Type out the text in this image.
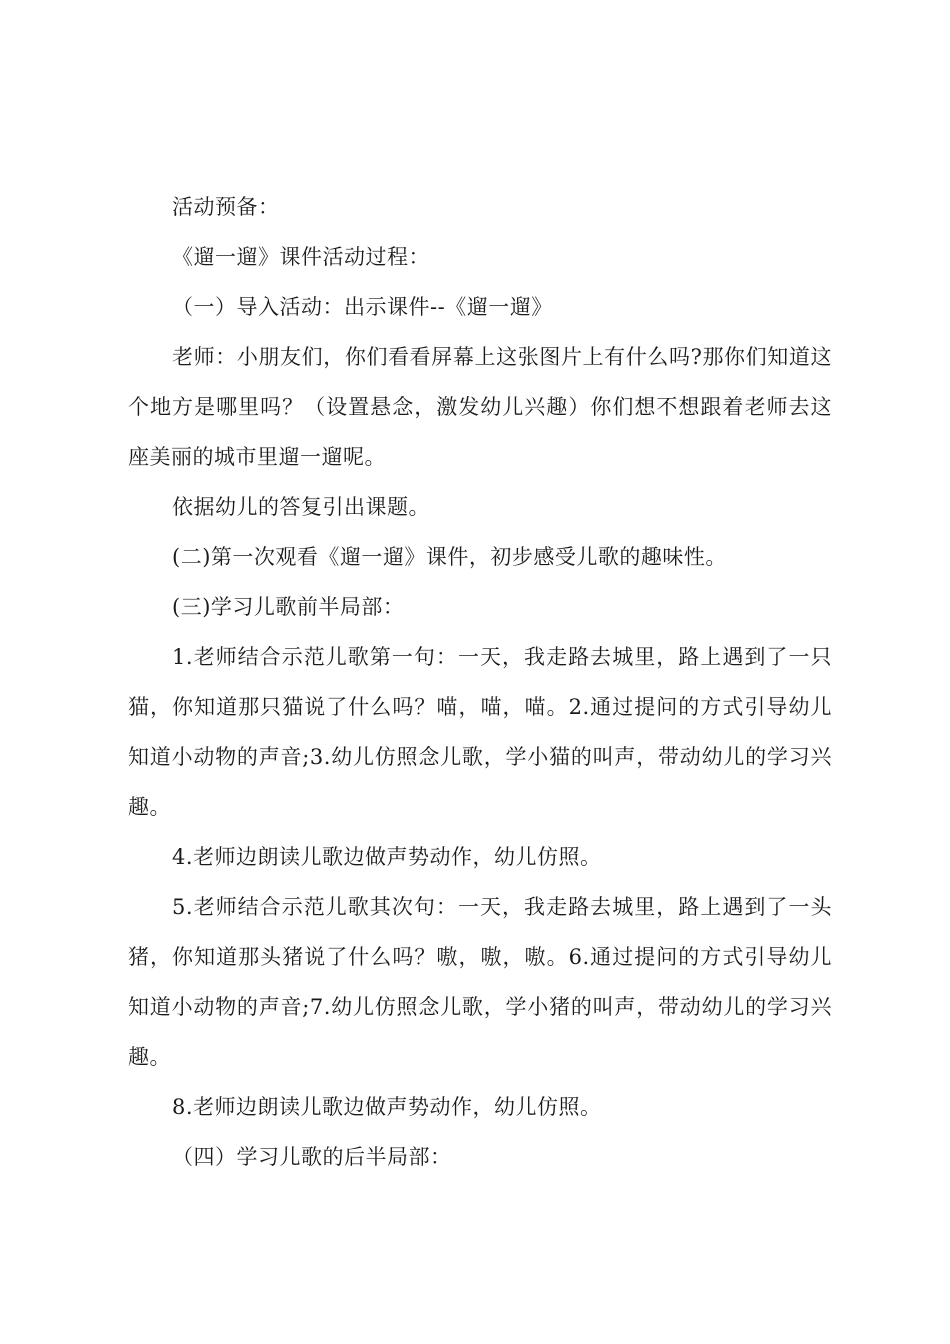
活动预备：

《遛一遛》课件活动过程：

（一）导入活动：出示课件--《遛一遛》

老师：小朋友们，你们看看屏幕上这张图片上有什么吗?那你们知道这个地方是哪里吗？（设置悬念，激发幼儿兴趣）你们想不想跟着老师去这座美丽的城市里遛一遛呢。

依据幼儿的答复引出课题。

(二)第一次观看《遛一遛》课件，初步感受儿歌的趣味性。

(三)学习儿歌前半局部：

1.老师结合示范儿歌第一句：一天，我走路去城里，路上遇到了一只猫，你知道那只猫说了什么吗？喵，喵，喵。2.通过提问的方式引导幼儿知道小动物的声音;3.幼儿仿照念儿歌，学小猫的叫声，带动幼儿的学习兴趣。

4.老师边朗读儿歌边做声势动作，幼儿仿照。

5.老师结合示范儿歌其次句：一天，我走路去城里，路上遇到了一头猪，你知道那头猪说了什么吗？嗷，嗷，嗷。6.通过提问的方式引导幼儿知道小动物的声音;7.幼儿仿照念儿歌，学小猪的叫声，带动幼儿的学习兴趣。

8.老师边朗读儿歌边做声势动作，幼儿仿照。

（四）学习儿歌的后半局部：
